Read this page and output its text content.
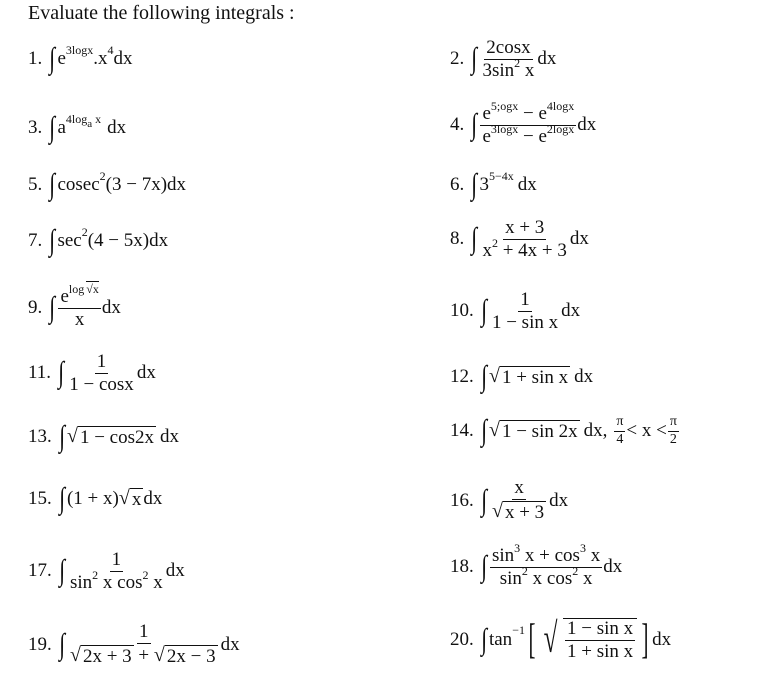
Evaluate the following integrals :
1. ∫ e 3logx .x 4 dx	2. ∫ $\frac{2\cos x}{3\sin^2 x}$ dx
3. ∫ a 4loga x dx	4. ∫ $\frac{e^{5;ogx} - e^{4logx}}{e^{3logx} - e^{2logx}}$ dx
5. ∫ cosec 2 (3 − 7x)dx	6. ∫ 3 5−4x dx
7. ∫ sec 2 (4 − 5x)dx	8. ∫ $\frac{x + 3}{x^2 + 4x + 3}$ dx
9. ∫ $\frac{e^{log √x}}{x}$ dx	10. ∫ $\frac{1}{\text{1 − sin x}}$ dx
11. ∫ $\frac{1}{1 - \cos x}$ dx	12. ∫ √ 1 + sin x dx
13. ∫ √ 1 − cos2x dx	14. ∫ √ 1 − sin 2x dx , $\frac{\pi}{4} < x < \frac{\pi}{2}$
15. ∫ (1 + x) √ x dx	16. ∫ $\frac{x}{√ x + 3}$ dx
17. ∫ $\frac{1}{\sin^2 x \cos^2 x}$ dx	18. ∫ $\frac{\sin^3 x + \cos^3 x}{\sin^2 x \cos^2 x}$ dx
19. ∫ $\frac{1}{√ 2x + 3 + √ 2x - 3}$ dx	20. ∫ tan −1 [ √ $\frac{\text{1 − sin x}}{\text{1 + sin x}}$ ] dx
